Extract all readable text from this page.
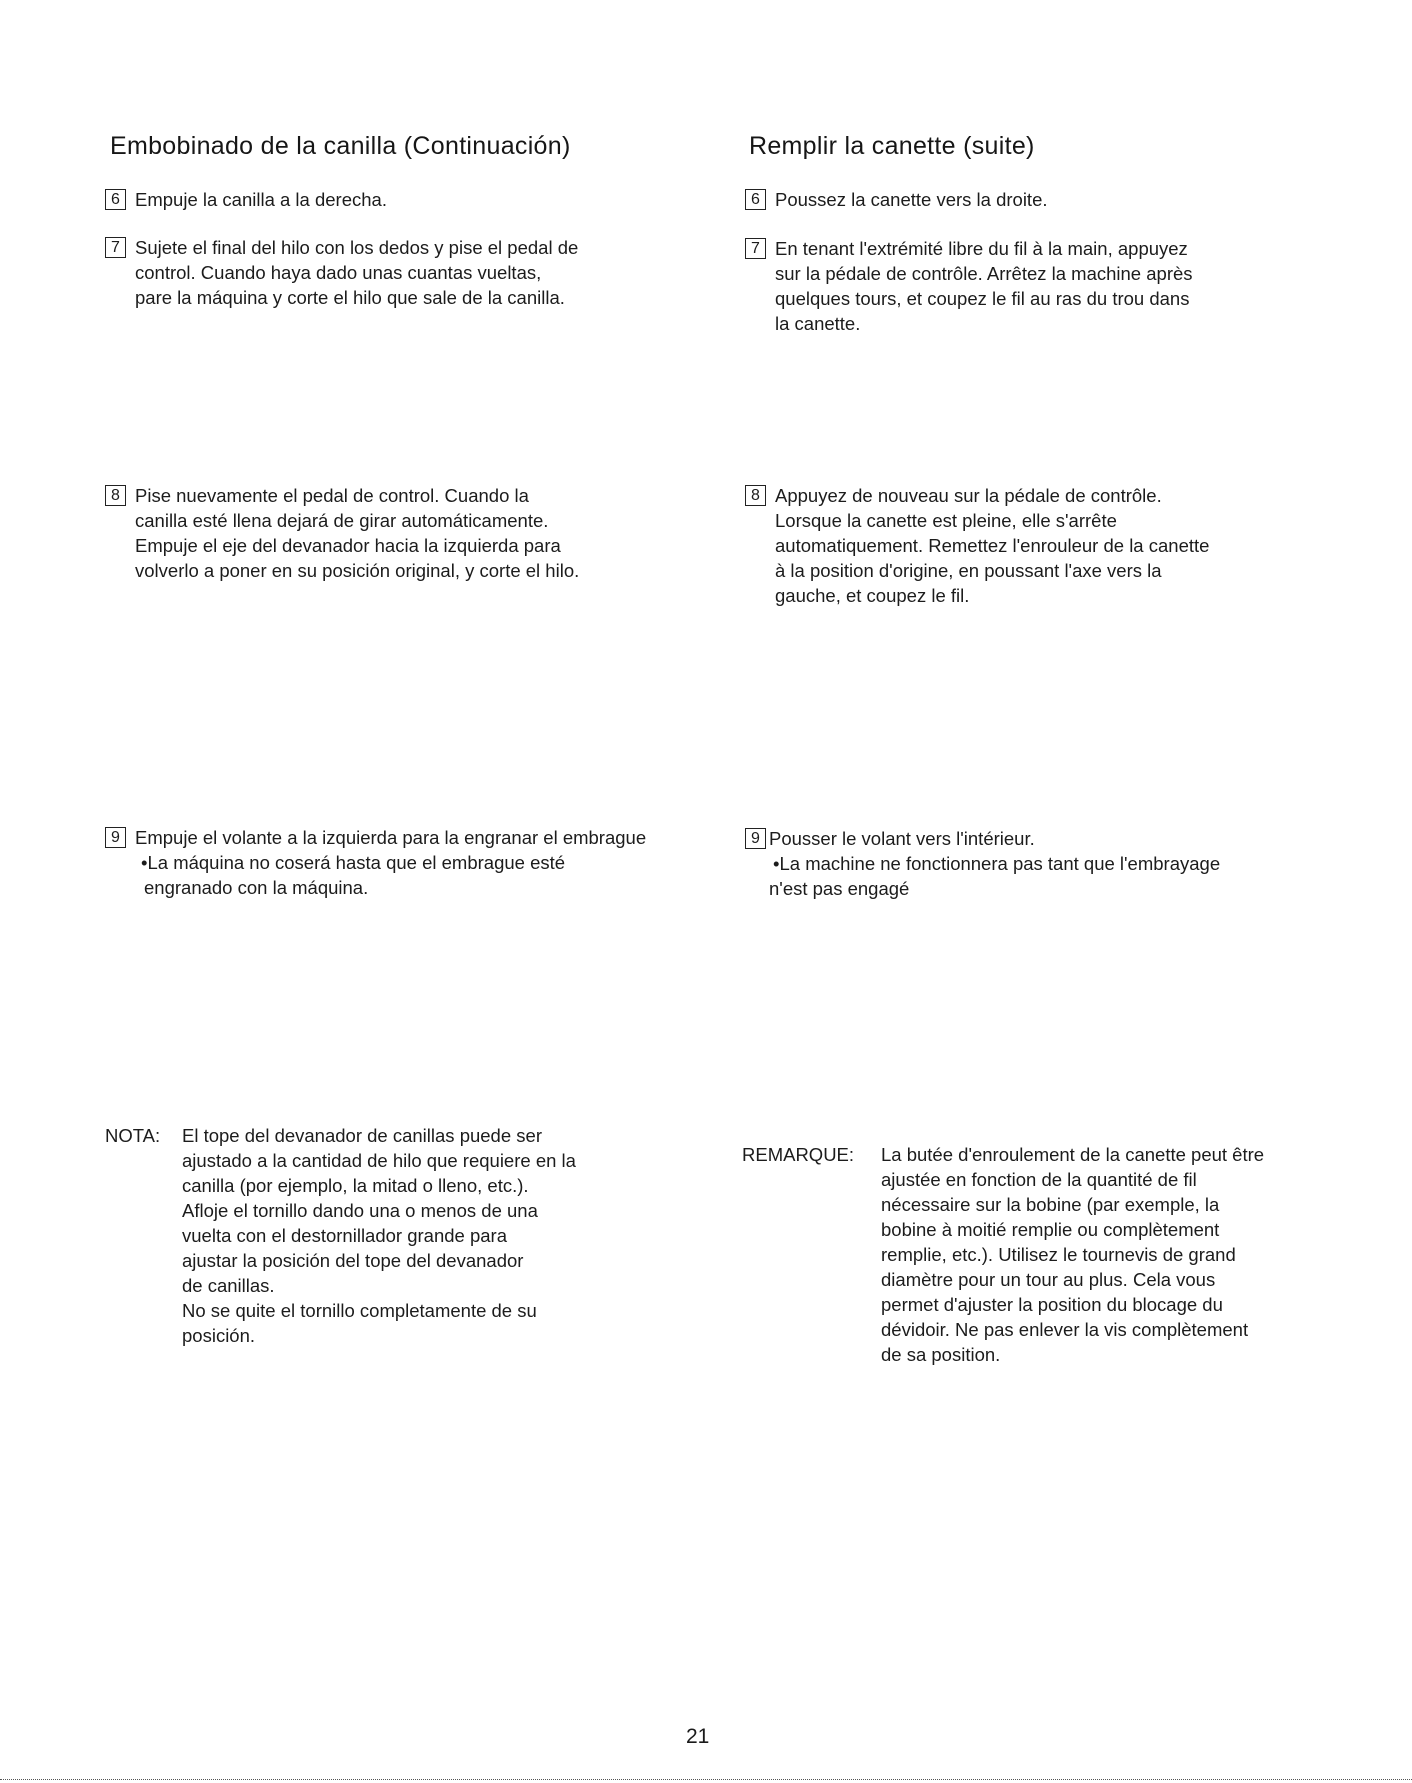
Embobinado de la canilla (Continuación)
6 Empuje la canilla a la derecha.
7 Sujete el final del hilo con los dedos y pise el pedal de
control. Cuando haya dado unas cuantas vueltas,
pare la máquina y corte el hilo que sale de la canilla.
8 Pise nuevamente el pedal de control. Cuando la
canilla esté llena dejará de girar automáticamente.
Empuje el eje del devanador hacia la izquierda para
volverlo a poner en su posición original, y corte el hilo.
9 Empuje el volante a la izquierda para la engranar el embrague
•La máquina no coserá hasta que el embrague esté
engranado con la máquina.
NOTA: El tope del devanador de canillas puede ser
ajustado a la cantidad de hilo que requiere en la
canilla (por ejemplo, la mitad o lleno, etc.).
Afloje el tornillo dando una o menos de una
vuelta con el destornillador grande para
ajustar la posición del tope del devanador
de canillas.
No se quite el tornillo completamente de su
posición.
Remplir la canette (suite)
6 Poussez la canette vers la droite.
7 En tenant l'extrémité libre du fil à la main, appuyez
sur la pédale de contrôle. Arrêtez la machine après
quelques tours, et coupez le fil au ras du trou dans
la canette.
8 Appuyez de nouveau sur la pédale de contrôle.
Lorsque la canette est pleine, elle s'arrête
automatiquement. Remettez l'enrouleur de la canette
à la position d'origine, en poussant l'axe vers la
gauche, et coupez le fil.
9 Pousser le volant vers l'intérieur.
•La machine ne fonctionnera pas tant que l'embrayage
n'est pas engagé
REMARQUE: La butée d'enroulement de la canette peut être
ajustée en fonction de la quantité de fil
nécessaire sur la bobine (par exemple, la
bobine à moitié remplie ou complètement
remplie, etc.). Utilisez le tournevis de grand
diamètre pour un tour au plus. Cela vous
permet d'ajuster la position du blocage du
dévidoir. Ne pas enlever la vis complètement
de sa position.
21
